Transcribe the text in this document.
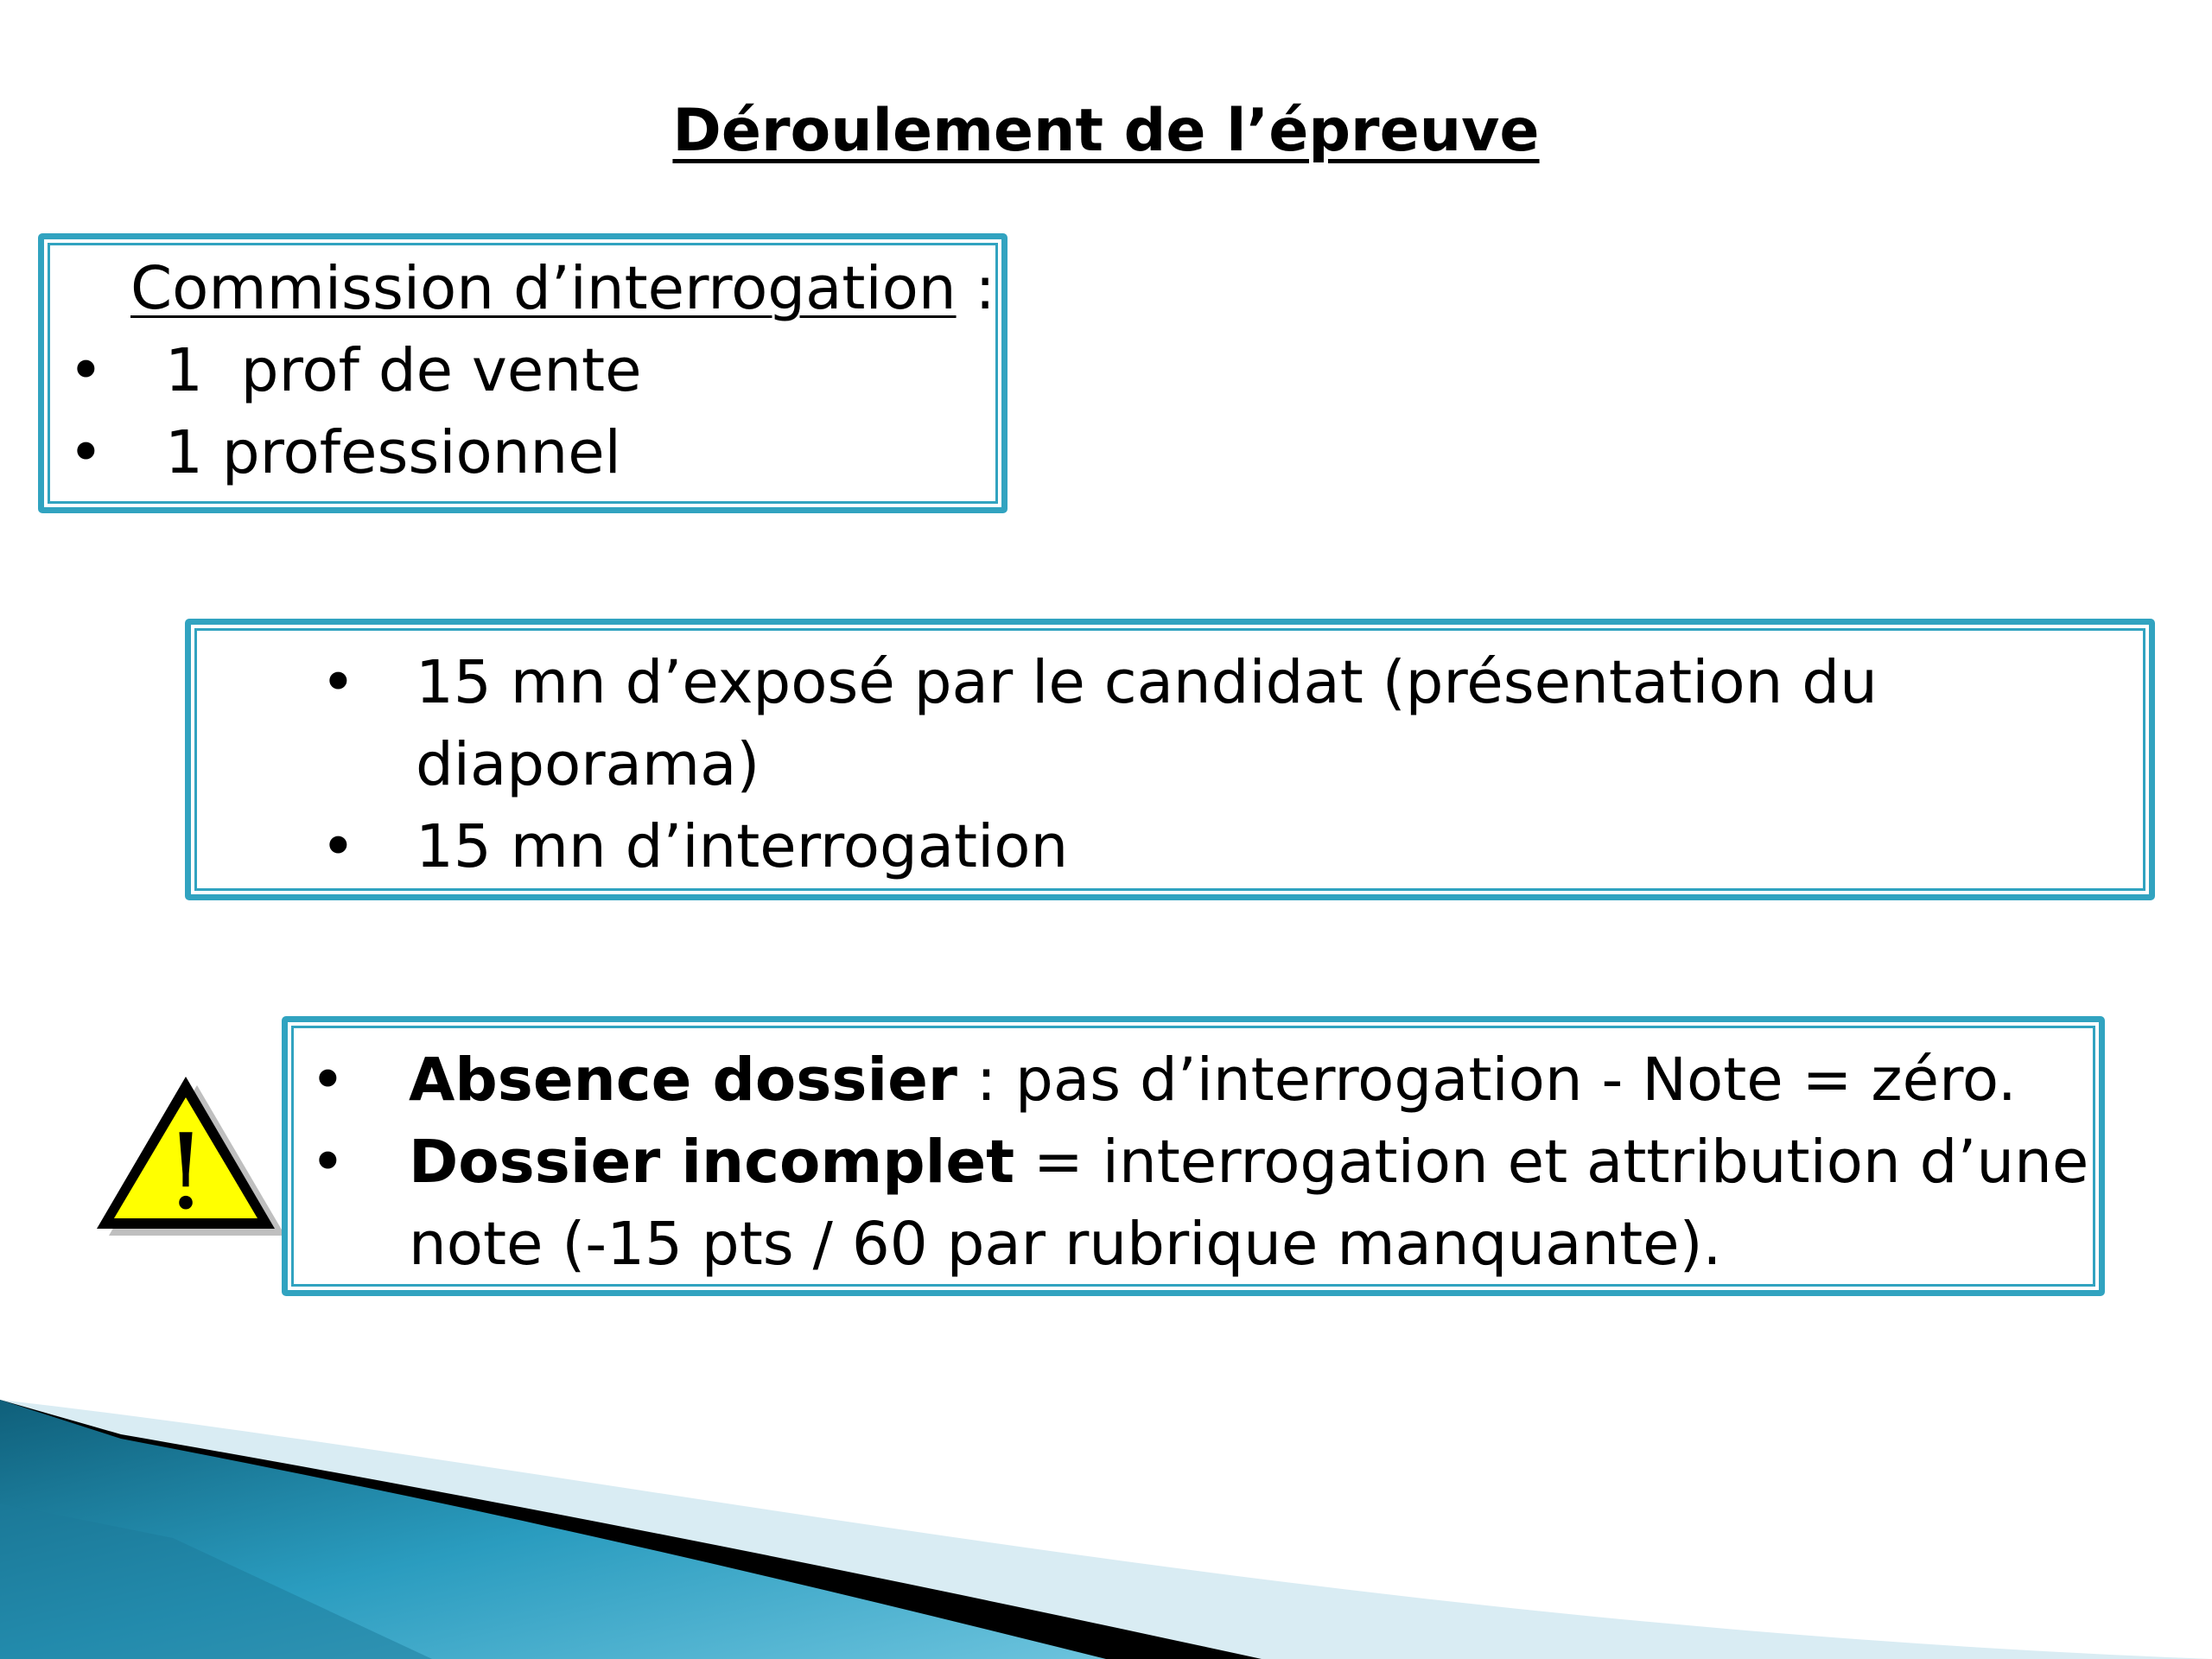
Déroulement de l’épreuve
Commission d’interrogation :
• 1  prof de vente
• 1 professionnel
• 15 mn d’exposé par le candidat (présentation du
diaporama)
• 15 mn d’interrogation
!
• Absence dossier : pas d’interrogation - Note = zéro.
• Dossier incomplet = interrogation et attribution d’une
note (-15 pts / 60 par rubrique manquante).
